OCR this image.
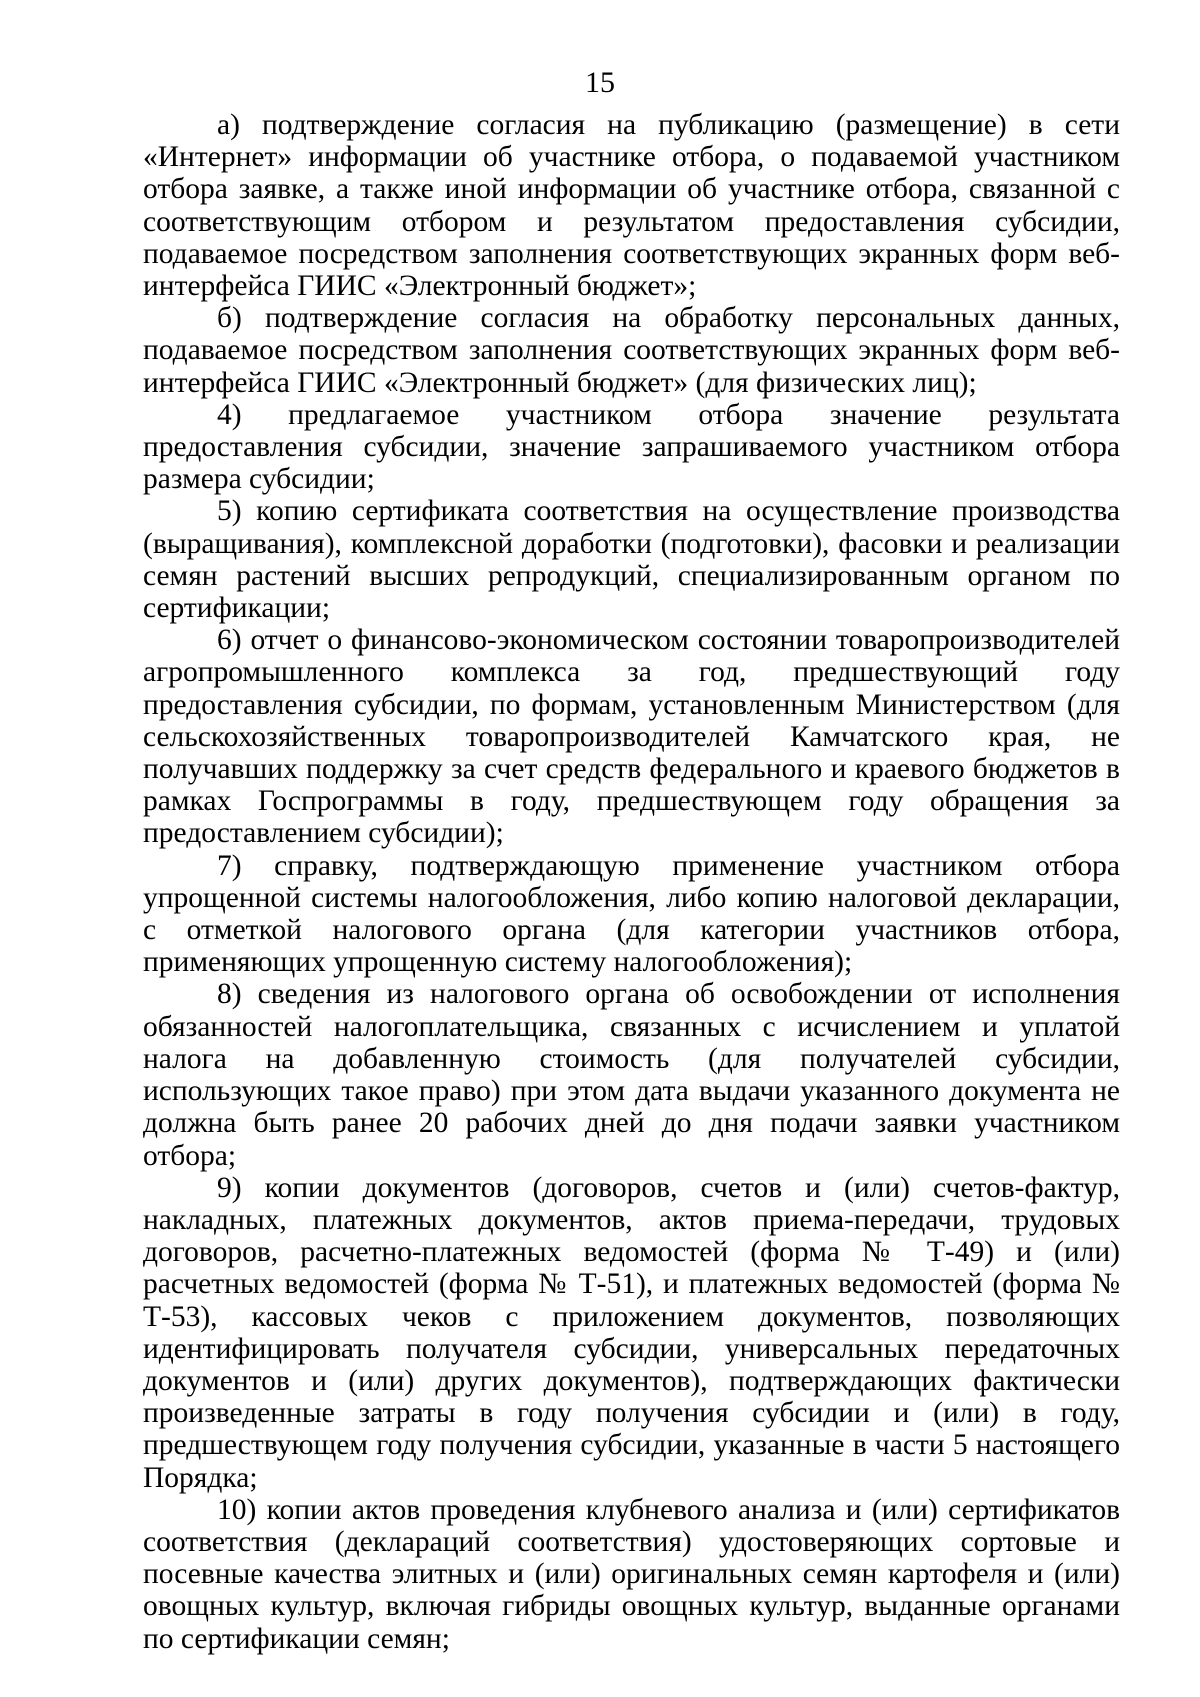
15

а) подтверждение согласия на публикацию (размещение) в сети «Интернет» информации об участнике отбора, о подаваемой участником отбора заявке, а также иной информации об участнике отбора, связанной с соответствующим отбором и результатом предоставления субсидии, подаваемое посредством заполнения соответствующих экранных форм веб-интерфейса ГИИС «Электронный бюджет»;

б) подтверждение согласия на обработку персональных данных, подаваемое посредством заполнения соответствующих экранных форм веб-интерфейса ГИИС «Электронный бюджет» (для физических лиц);

4) предлагаемое участником отбора значение результата предоставления субсидии, значение запрашиваемого участником отбора размера субсидии;

5) копию сертификата соответствия на осуществление производства (выращивания), комплексной доработки (подготовки), фасовки и реализации семян растений высших репродукций, специализированным органом по сертификации;

6) отчет о финансово-экономическом состоянии товаропроизводителей агропромышленного комплекса за год, предшествующий году предоставления субсидии, по формам, установленным Министерством (для сельскохозяйственных товаропроизводителей Камчатского края, не получавших поддержку за счет средств федерального и краевого бюджетов в рамках Госпрограммы в году, предшествующем году обращения за предоставлением субсидии);

7) справку, подтверждающую применение участником отбора упрощенной системы налогообложения, либо копию налоговой декларации, с отметкой налогового органа (для категории участников отбора, применяющих упрощенную систему налогообложения);

8) сведения из налогового органа об освобождении от исполнения обязанностей налогоплательщика, связанных с исчислением и уплатой налога на добавленную стоимость (для получателей субсидии, использующих такое право) при этом дата выдачи указанного документа не должна быть ранее 20 рабочих дней до дня подачи заявки участником отбора;

9) копии документов (договоров, счетов и (или) счетов-фактур, накладных, платежных документов, актов приема-передачи, трудовых договоров, расчетно-платежных ведомостей (форма № Т-49) и (или) расчетных ведомостей (форма № Т-51), и платежных ведомостей (форма № Т-53), кассовых чеков с приложением документов, позволяющих идентифицировать получателя субсидии, универсальных передаточных документов и (или) других документов), подтверждающих фактически произведенные затраты в году получения субсидии и (или) в году, предшествующем году получения субсидии, указанные в части 5 настоящего Порядка;

10) копии актов проведения клубневого анализа и (или) сертификатов соответствия (деклараций соответствия) удостоверяющих сортовые и посевные качества элитных и (или) оригинальных семян картофеля и (или) овощных культур, включая гибриды овощных культур, выданные органами по сертификации семян;
